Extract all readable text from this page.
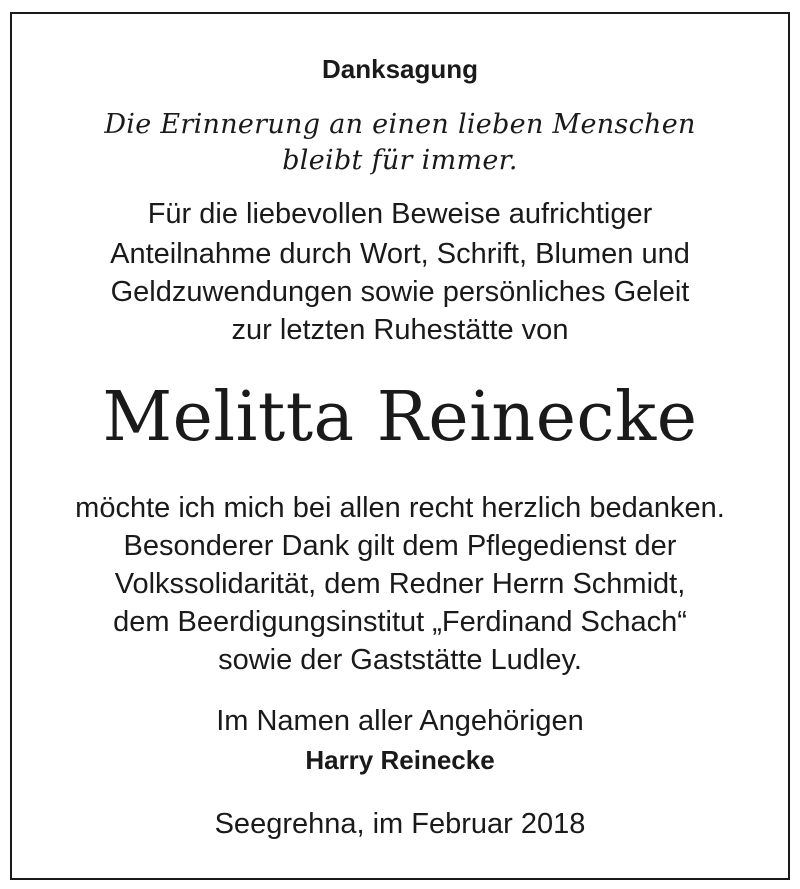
Danksagung
Die Erinnerung an einen lieben Menschen
bleibt für immer.
Für die liebevollen Beweise aufrichtiger
Anteilnahme durch Wort, Schrift, Blumen und
Geldzuwendungen sowie persönliches Geleit
zur letzten Ruhestätte von
Melitta Reinecke
möchte ich mich bei allen recht herzlich bedanken.
Besonderer Dank gilt dem Pflegedienst der
Volkssolidarität, dem Redner Herrn Schmidt,
dem Beerdigungsinstitut „Ferdinand Schach“
sowie der Gaststätte Ludley.
Im Namen aller Angehörigen
Harry Reinecke
Seegrehna, im Februar 2018
